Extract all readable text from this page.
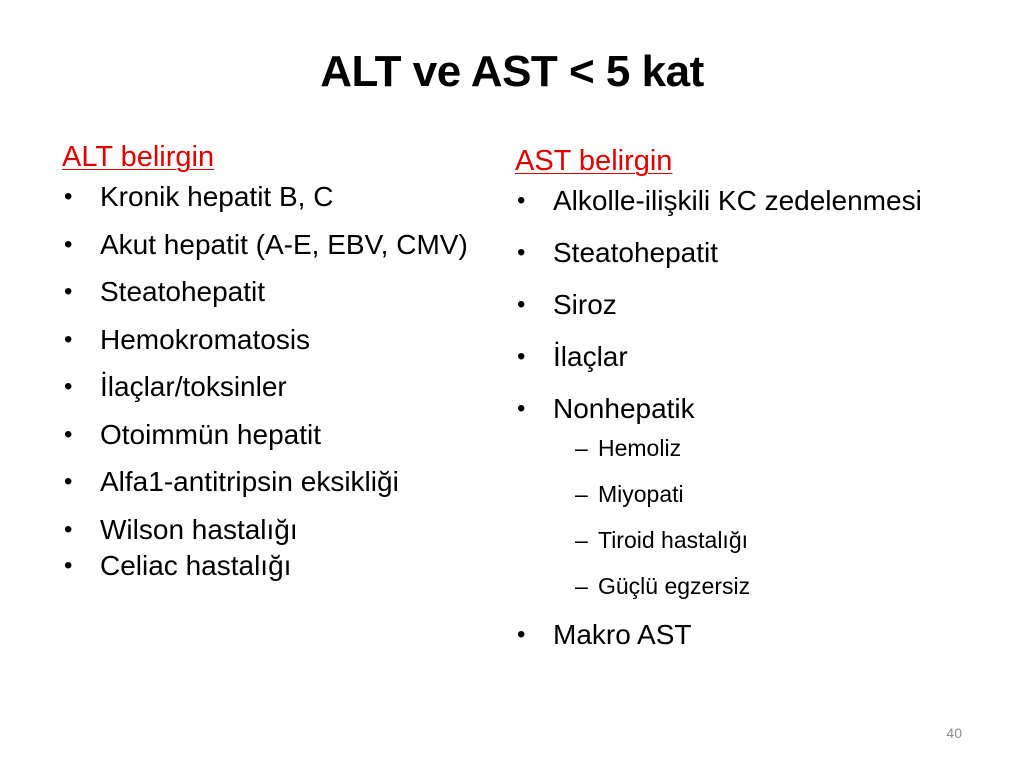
ALT ve AST < 5 kat
ALT belirgin
• Kronik hepatit B, C
• Akut hepatit (A-E, EBV, CMV)
• Steatohepatit
• Hemokromatosis
• İlaçlar/toksinler
• Otoimmün hepatit
• Alfa1-antitripsin eksikliği
• Wilson hastalığı
• Celiac hastalığı
AST belirgin
• Alkolle-ilişkili KC zedelenmesi
• Steatohepatit
• Siroz
• İlaçlar
• Nonhepatik
– Hemoliz
– Miyopati
– Tiroid hastalığı
– Güçlü egzersiz
• Makro AST
40
